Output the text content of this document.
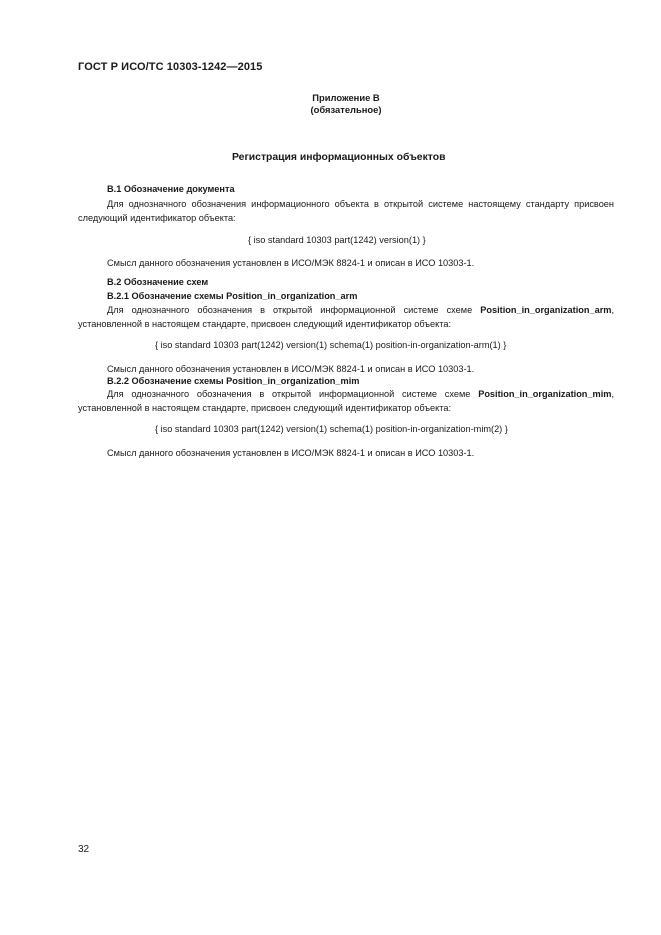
ГОСТ Р ИСО/ТС 10303-1242—2015
Приложение В
(обязательное)
Регистрация информационных объектов
В.1 Обозначение документа
Для однозначного обозначения информационного объекта в открытой системе настоящему стандарту присвоен следующий идентификатор объекта:
{ iso standard 10303 part(1242) version(1) }
Смысл данного обозначения установлен в ИСО/МЭК 8824-1 и описан в ИСО 10303-1.
В.2 Обозначение схем
В.2.1 Обозначение схемы Position_in_organization_arm
Для однозначного обозначения в открытой информационной системе схеме Position_in_organization_arm, установленной в настоящем стандарте, присвоен следующий идентификатор объекта:
{ iso standard 10303 part(1242) version(1) schema(1) position-in-organization-arm(1) }
Смысл данного обозначения установлен в ИСО/МЭК 8824-1 и описан в ИСО 10303-1.
В.2.2 Обозначение схемы Position_in_organization_mim
Для однозначного обозначения в открытой информационной системе схеме Position_in_organization_mim, установленной в настоящем стандарте, присвоен следующий идентификатор объекта:
{ iso standard 10303 part(1242) version(1) schema(1) position-in-organization-mim(2) }
Смысл данного обозначения установлен в ИСО/МЭК 8824-1 и описан в ИСО 10303-1.
32
